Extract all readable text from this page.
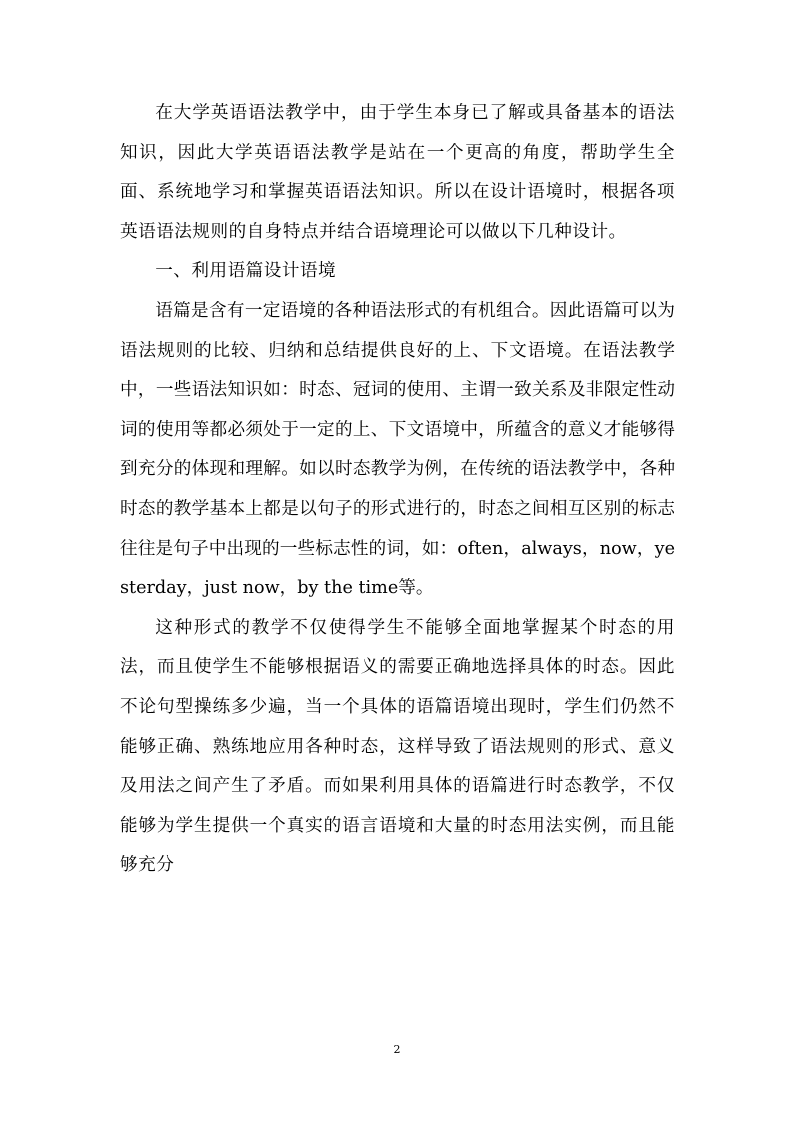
在大学英语语法教学中，由于学生本身已了解或具备基本的语法知识，因此大学英语语法教学是站在一个更高的角度，帮助学生全面、系统地学习和掌握英语语法知识。所以在设计语境时，根据各项英语语法规则的自身特点并结合语境理论可以做以下几种设计。

一、利用语篇设计语境

语篇是含有一定语境的各种语法形式的有机组合。因此语篇可以为语法规则的比较、归纳和总结提供良好的上、下文语境。在语法教学中，一些语法知识如：时态、冠词的使用、主谓一致关系及非限定性动词的使用等都必须处于一定的上、下文语境中，所蕴含的意义才能够得到充分的体现和理解。如以时态教学为例，在传统的语法教学中，各种时态的教学基本上都是以句子的形式进行的，时态之间相互区别的标志往往是句子中出现的一些标志性的词，如：often，always，now，yesterday，just now，by the time等。

这种形式的教学不仅使得学生不能够全面地掌握某个时态的用法，而且使学生不能够根据语义的需要正确地选择具体的时态。因此不论句型操练多少遍，当一个具体的语篇语境出现时，学生们仍然不能够正确、熟练地应用各种时态，这样导致了语法规则的形式、意义及用法之间产生了矛盾。而如果利用具体的语篇进行时态教学，不仅能够为学生提供一个真实的语言语境和大量的时态用法实例，而且能够充分

2
